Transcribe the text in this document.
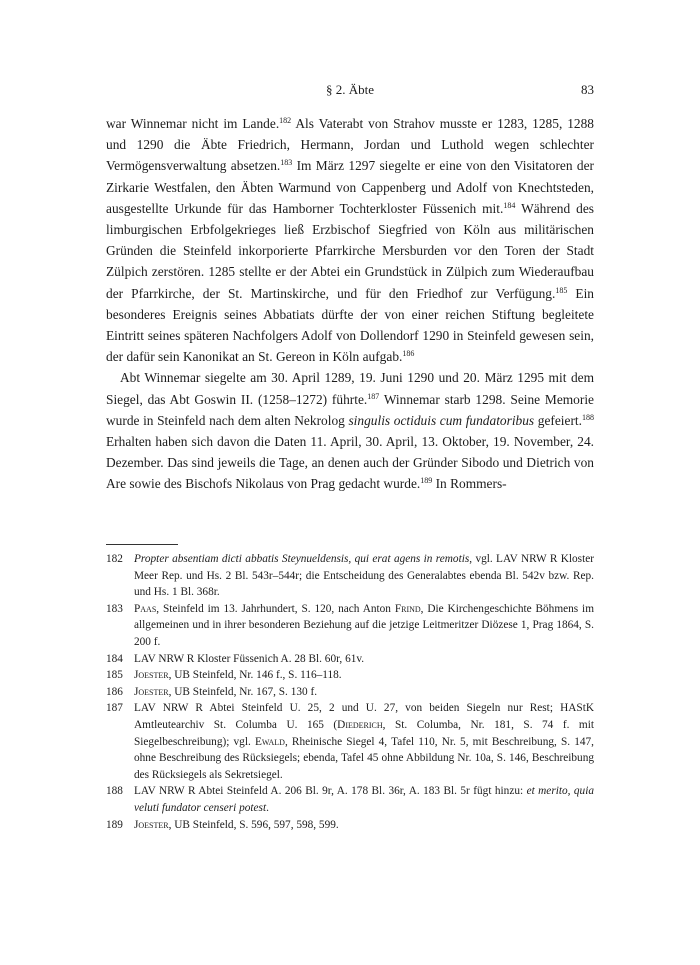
§ 2. Äbte	83

war Winnemar nicht im Lande.$^{182}$ Als Vaterabt von Strahov musste er 1283, 1285, 1288 und 1290 die Äbte Friedrich, Hermann, Jordan und Luthold wegen schlechter Vermögensverwaltung absetzen.$^{183}$ Im März 1297 siegelte er eine von den Visitatoren der Zirkarie Westfalen, den Äbten Warmund von Cappenberg und Adolf von Knechtsteden, ausgestellte Urkunde für das Hamborner Tochterkloster Füssenich mit.$^{184}$ Während des limburgischen Erbfolgekrieges ließ Erzbischof Siegfried von Köln aus militärischen Gründen die Steinfeld inkorporierte Pfarrkirche Mersburden vor den Toren der Stadt Zülpich zerstören. 1285 stellte er der Abtei ein Grundstück in Zülpich zum Wiederaufbau der Pfarrkirche, der St. Martinskirche, und für den Friedhof zur Verfügung.$^{185}$ Ein besonderes Ereignis seines Abbatiats dürfte der von einer reichen Stiftung begleitete Eintritt seines späteren Nachfolgers Adolf von Dollendorf 1290 in Steinfeld gewesen sein, der dafür sein Kanonikat an St. Gereon in Köln aufgab.$^{186}$

Abt Winnemar siegelte am 30. April 1289, 19. Juni 1290 und 20. März 1295 mit dem Siegel, das Abt Goswin II. (1258–1272) führte.$^{187}$ Winnemar starb 1298. Seine Memorie wurde in Steinfeld nach dem alten Nekrolog singulis octiduis cum fundatoribus gefeiert.$^{188}$ Erhalten haben sich davon die Daten 11. April, 30. April, 13. Oktober, 19. November, 24. Dezember. Das sind jeweils die Tage, an denen auch der Gründer Sibodo und Dietrich von Are sowie des Bischofs Nikolaus von Prag gedacht wurde.$^{189}$ In Rommers-

182 Propter absentiam dicti abbatis Steynueldensis, qui erat agens in remotis, vgl. LAV NRW R Kloster Meer Rep. und Hs. 2 Bl. 543r–544r; die Entscheidung des Generalabtes ebenda Bl. 542v bzw. Rep. und Hs. 1 Bl. 368r.
183 Paas, Steinfeld im 13. Jahrhundert, S. 120, nach Anton Frind, Die Kirchengeschichte Böhmens im allgemeinen und in ihrer besonderen Beziehung auf die jetzige Leitmeritzer Diözese 1, Prag 1864, S. 200 f.
184 LAV NRW R Kloster Füssenich A. 28 Bl. 60r, 61v.
185 Joester, UB Steinfeld, Nr. 146 f., S. 116–118.
186 Joester, UB Steinfeld, Nr. 167, S. 130 f.
187 LAV NRW R Abtei Steinfeld U. 25, 2 und U. 27, von beiden Siegeln nur Rest; HAStK Amtleutearchiv St. Columba U. 165 (Diederich, St. Columba, Nr. 181, S. 74 f. mit Siegelbeschreibung); vgl. Ewald, Rheinische Siegel 4, Tafel 110, Nr. 5, mit Beschreibung, S. 147, ohne Beschreibung des Rücksiegels; ebenda, Tafel 45 ohne Abbildung Nr. 10a, S. 146, Beschreibung des Rücksiegels als Sekretsiegel.
188 LAV NRW R Abtei Steinfeld A. 206 Bl. 9r, A. 178 Bl. 36r, A. 183 Bl. 5r fügt hinzu: et merito, quia veluti fundator censeri potest.
189 Joester, UB Steinfeld, S. 596, 597, 598, 599.
